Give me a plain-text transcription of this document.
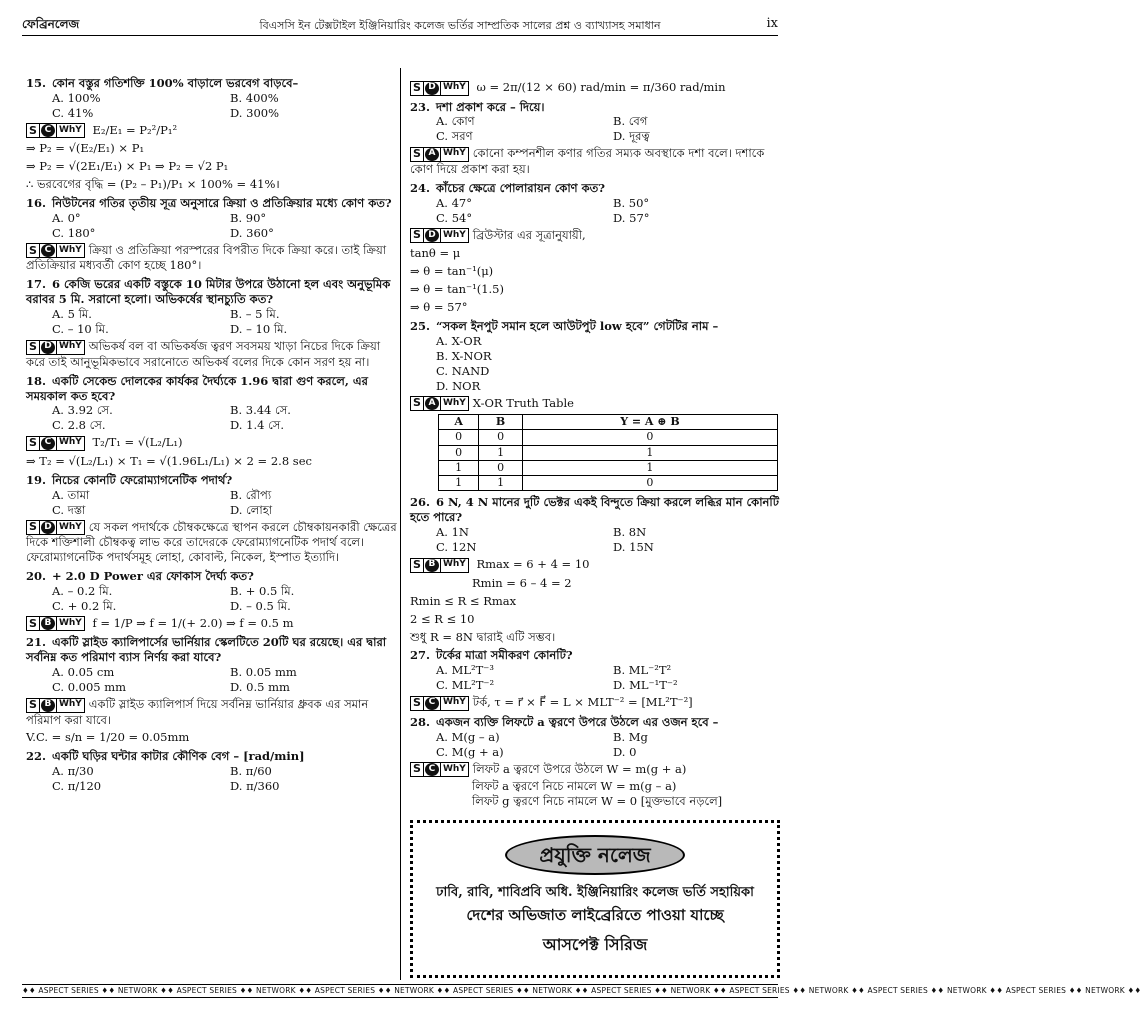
ফেব্রিনলেজ	বিএসসি ইন টেক্সটাইল ইঞ্জিনিয়ারিং কলেজ ভর্তির সাম্প্রতিক সালের প্রশ্ন ও ব্যাখ্যাসহ সমাধান	ix
15. কোন বস্তুর গতিশক্তি 100% বাড়ালে ভরবেগ বাড়বে–
A. 100%	B. 400%
C. 41%	D. 300%
S C WhY E₂/E₁ = P₂²/P₁²
⇒ P₂ = √(E₂/E₁) × P₁
⇒ P₂ = √(2E₁/E₁) × P₁ ⇒ P₂ = √2 P₁
∴ ভরবেগের বৃদ্ধি = (P₂ – P₁)/P₁ × 100% = 41%।
16. নিউটনের গতির তৃতীয় সূত্র অনুসারে ক্রিয়া ও প্রতিক্রিয়ার মধ্যে কোণ কত?
A. 0°	B. 90°
C. 180°	D. 360°
S C WhY ক্রিয়া ও প্রতিক্রিয়া পরস্পরের বিপরীত দিকে ক্রিয়া করে। তাই ক্রিয়া প্রতিক্রিয়ার মধ্যবর্তী কোণ হচ্ছে 180°।
17. 6 কেজি ভরের একটি বস্তুকে 10 মিটার উপরে উঠানো হল এবং অনুভূমিক বরাবর 5 মি. সরানো হলো। অভিকর্ষের স্থানচ্যুতি কত?
A. 5 মি.	B. – 5 মি.
C. – 10 মি.	D. – 10 মি.
S D WhY অভিকর্ষ বল বা অভিকর্ষজ ত্বরণ সবসময় খাড়া নিচের দিকে ক্রিয়া করে তাই আনুভূমিকভাবে সরানোতে অভিকর্ষ বলের দিকে কোন সরণ হয় না।
18. একটি সেকেন্ড দোলকের কার্যকর দৈর্ঘ্যকে 1.96 দ্বারা গুণ করলে, এর সময়কাল কত হবে?
A. 3.92 সে.	B. 3.44 সে.
C. 2.8 সে.	D. 1.4 সে.
S C WhY T₂/T₁ = √(L₂/L₁)
⇒ T₂ = √(L₂/L₁) × T₁ = √(1.96L₁/L₁) × 2 = 2.8 sec
19. নিচের কোনটি ফেরোম্যাগনেটিক পদার্থ?
A. তামা	B. রৌপ্য
C. দস্তা	D. লোহা
S D WhY যে সকল পদার্থকে চৌম্বকক্ষেত্রে স্থাপন করলে চৌম্বকায়নকারী ক্ষেত্রের দিকে শক্তিশালী চৌম্বকত্ব লাভ করে তাদেরকে ফেরোম্যাগনেটিক পদার্থ বলে। ফেরোম্যাগনেটিক পদার্থসমূহ লোহা, কোবাল্ট, নিকেল, ইস্পাত ইত্যাদি।
20. + 2.0 D Power এর ফোকাস দৈর্ঘ্য কত?
A. – 0.2 মি.	B. + 0.5 মি.
C. + 0.2 মি.	D. – 0.5 মি.
S B WhY f = 1/P ⇒ f = 1/(+ 2.0) ⇒ f = 0.5 m
21. একটি স্লাইড ক্যালিপার্সের ভার্নিয়ার স্কেলটিতে 20টি ঘর রয়েছে। এর দ্বারা সর্বনিম্ন কত পরিমাণ ব্যাস নির্ণয় করা যাবে?
A. 0.05 cm	B. 0.05 mm
C. 0.005 mm	D. 0.5 mm
S B WhY একটি স্লাইড ক্যালিপার্স দিয়ে সর্বনিম্ন ভার্নিয়ার ধ্রুবক এর সমান পরিমাপ করা যাবে।
V.C. = s/n = 1/20 = 0.05mm
22. একটি ঘড়ির ঘন্টার কাটার কৌণিক বেগ – [rad/min]
A. π/30	B. π/60
C. π/120	D. π/360
S D WhY ω = 2π/(12 × 60) rad/min = π/360 rad/min
23. দশা প্রকাশ করে – দিয়ে।
A. কোণ	B. বেগ
C. সরণ	D. দূরত্ব
S A WhY কোনো কম্পনশীল কণার গতির সম্যক অবস্থাকে দশা বলে। দশাকে কোণ দিয়ে প্রকাশ করা হয়।
24. কাঁচের ক্ষেত্রে পোলারায়ন কোণ কত?
A. 47°	B. 50°
C. 54°	D. 57°
S D WhY ব্রিউস্টার এর সূত্রানুযায়ী,
tanθ = μ
⇒ θ = tan⁻¹(μ)
⇒ θ = tan⁻¹(1.5)
⇒ θ = 57°
25. “সকল ইনপুট সমান হলে আউটপুট low হবে” গেটটির নাম –
A. X-OR
B. X-NOR
C. NAND
D. NOR
S A WhY X-OR Truth Table
A	B	Y = A ⊕ B
0	0	0
0	1	1
1	0	1
1	1	0
26. 6 N, 4 N মানের দুটি ভেক্টর একই বিন্দুতে ক্রিয়া করলে লব্ধির মান কোনটি হতে পারে?
A. 1N	B. 8N
C. 12N	D. 15N
S B WhY Rmax = 6 + 4 = 10
Rmin = 6 – 4 = 2
Rmin ≤ R ≤ Rmax
2 ≤ R ≤ 10
শুধু R = 8N দ্বারাই এটি সম্ভব।
27. টর্কের মাত্রা সমীকরণ কোনটি?
A. ML²T⁻³	B. ML⁻²T²
C. ML²T⁻²	D. ML⁻¹T⁻²
S C WhY টর্ক, τ = r⃗ × F⃗ = L × MLT⁻² = [ML²T⁻²]
28. একজন ব্যক্তি লিফটে a ত্বরণে উপরে উঠলে এর ওজন হবে –
A. M(g – a)	B. Mg
C. M(g + a)	D. 0
S C WhY লিফট a ত্বরণে উপরে উঠলে W = m(g + a)
লিফট a ত্বরণে নিচে নামলে W = m(g – a)
লিফট g ত্বরণে নিচে নামলে W = 0 [মুক্তভাবে নড়লে]
প্রযুক্তি নলেজ
ঢাবি, রাবি, শাবিপ্রবি অধি. ইঞ্জিনিয়ারিং কলেজ ভর্তি সহায়িকা
দেশের অভিজাত লাইব্রেরিতে পাওয়া যাচ্ছে
আসপেক্ট সিরিজ
♦♦ ASPECT SERIES ♦♦ NETWORK ♦♦ ASPECT SERIES ♦♦ NETWORK ♦♦ ASPECT SERIES ♦♦ NETWORK ♦♦ ASPECT SERIES ♦♦ NETWORK ♦♦ ASPECT SERIES ♦♦ NETWORK ♦♦ ASPECT SERIES ♦♦ NETWORK ♦♦ ASPECT SERIES ♦♦ NETWORK ♦♦ ASPECT SERIES ♦♦ NETWORK ♦♦
